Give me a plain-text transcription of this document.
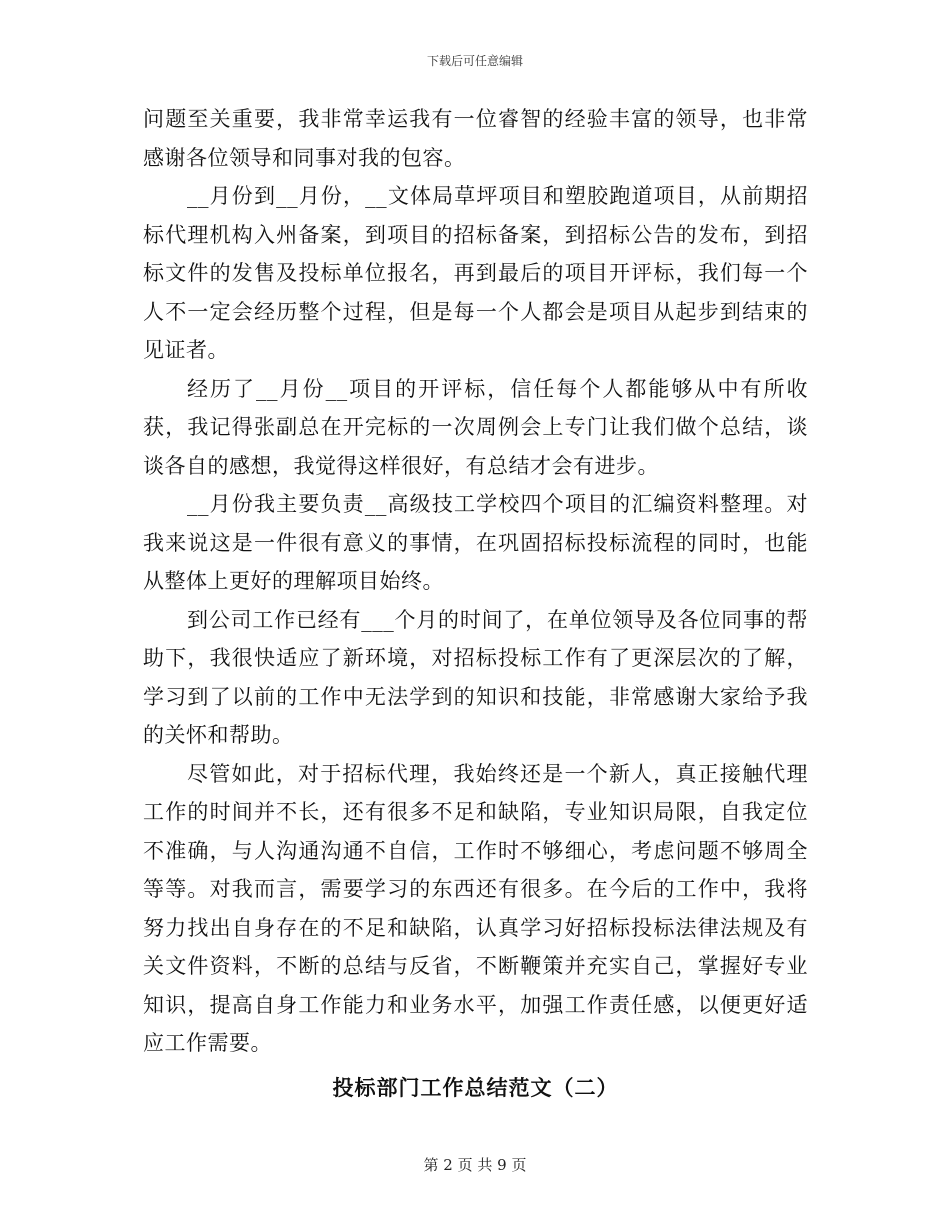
下载后可任意编辑

问题至关重要，我非常幸运我有一位睿智的经验丰富的领导，也非常感谢各位领导和同事对我的包容。

__月份到__月份，__文体局草坪项目和塑胶跑道项目，从前期招标代理机构入州备案，到项目的招标备案，到招标公告的发布，到招标文件的发售及投标单位报名，再到最后的项目开评标，我们每一个人不一定会经历整个过程，但是每一个人都会是项目从起步到结束的见证者。

经历了__月份__项目的开评标，信任每个人都能够从中有所收获，我记得张副总在开完标的一次周例会上专门让我们做个总结，谈谈各自的感想，我觉得这样很好，有总结才会有进步。

__月份我主要负责__高级技工学校四个项目的汇编资料整理。对我来说这是一件很有意义的事情，在巩固招标投标流程的同时，也能从整体上更好的理解项目始终。

到公司工作已经有___个月的时间了，在单位领导及各位同事的帮助下，我很快适应了新环境，对招标投标工作有了更深层次的了解，学习到了以前的工作中无法学到的知识和技能，非常感谢大家给予我的关怀和帮助。

尽管如此，对于招标代理，我始终还是一个新人，真正接触代理工作的时间并不长，还有很多不足和缺陷，专业知识局限，自我定位不准确，与人沟通沟通不自信，工作时不够细心，考虑问题不够周全等等。对我而言，需要学习的东西还有很多。在今后的工作中，我将努力找出自身存在的不足和缺陷，认真学习好招标投标法律法规及有关文件资料，不断的总结与反省，不断鞭策并充实自己，掌握好专业知识，提高自身工作能力和业务水平，加强工作责任感，以便更好适应工作需要。

投标部门工作总结范文（二）
第 2 页 共 9 页
